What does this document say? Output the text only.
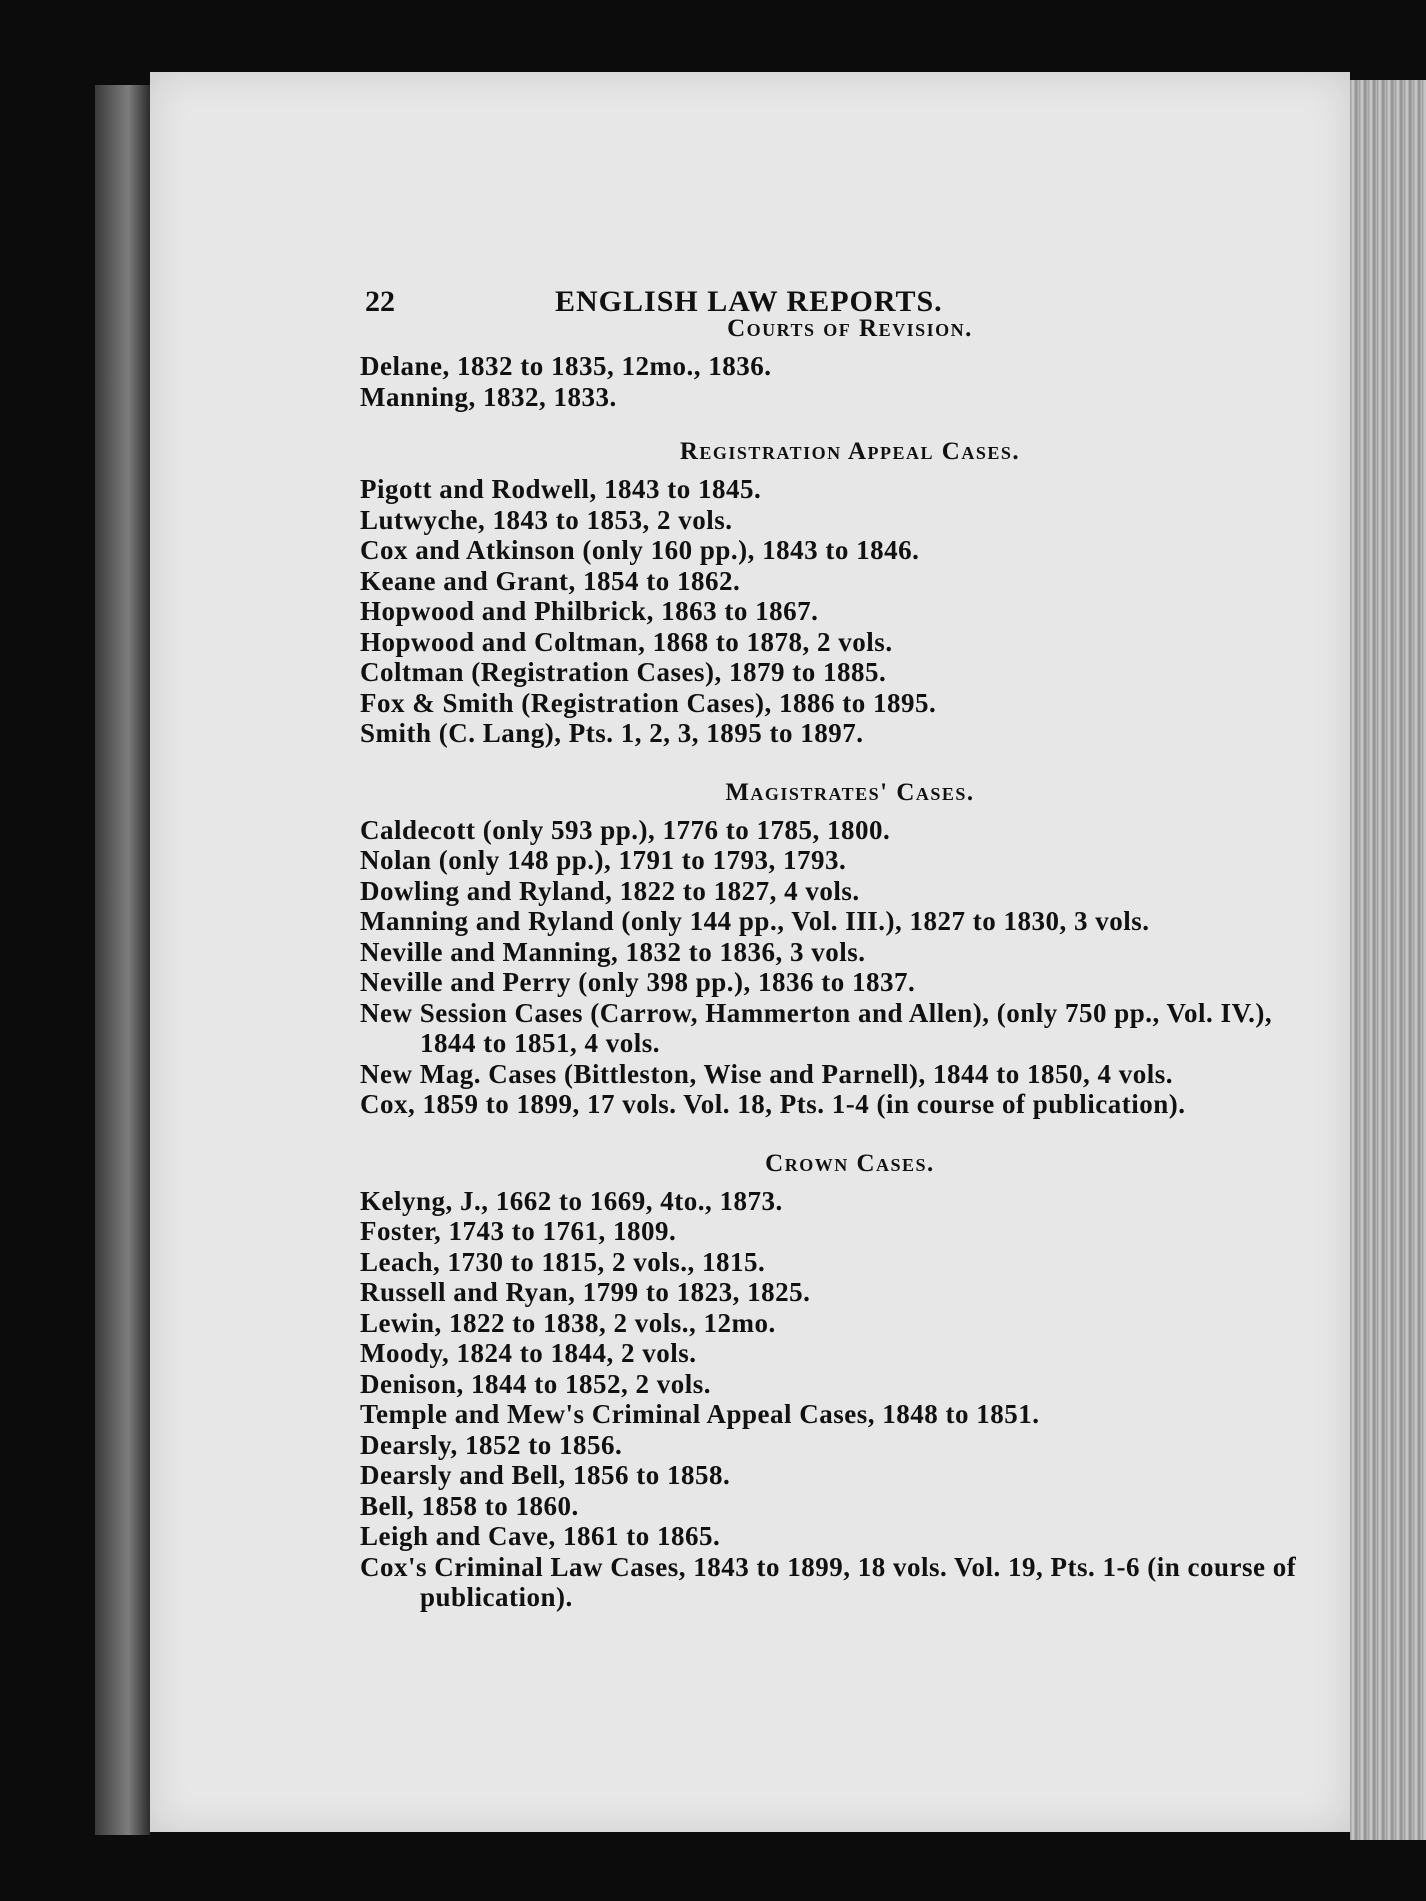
22	ENGLISH LAW REPORTS.
Courts of Revision.
Delane, 1832 to 1835, 12mo., 1836.
Manning, 1832, 1833.
Registration Appeal Cases.
Pigott and Rodwell, 1843 to 1845.
Lutwyche, 1843 to 1853, 2 vols.
Cox and Atkinson (only 160 pp.), 1843 to 1846.
Keane and Grant, 1854 to 1862.
Hopwood and Philbrick, 1863 to 1867.
Hopwood and Coltman, 1868 to 1878, 2 vols.
Coltman (Registration Cases), 1879 to 1885.
Fox & Smith (Registration Cases), 1886 to 1895.
Smith (C. Lang), Pts. 1, 2, 3, 1895 to 1897.
Magistrates' Cases.
Caldecott (only 593 pp.), 1776 to 1785, 1800.
Nolan (only 148 pp.), 1791 to 1793, 1793.
Dowling and Ryland, 1822 to 1827, 4 vols.
Manning and Ryland (only 144 pp., Vol. III.), 1827 to 1830, 3 vols.
Neville and Manning, 1832 to 1836, 3 vols.
Neville and Perry (only 398 pp.), 1836 to 1837.
New Session Cases (Carrow, Hammerton and Allen), (only 750 pp., Vol. IV.), 1844 to 1851, 4 vols.
New Mag. Cases (Bittleston, Wise and Parnell), 1844 to 1850, 4 vols.
Cox, 1859 to 1899, 17 vols. Vol. 18, Pts. 1-4 (in course of publication).
Crown Cases.
Kelyng, J., 1662 to 1669, 4to., 1873.
Foster, 1743 to 1761, 1809.
Leach, 1730 to 1815, 2 vols., 1815.
Russell and Ryan, 1799 to 1823, 1825.
Lewin, 1822 to 1838, 2 vols., 12mo.
Moody, 1824 to 1844, 2 vols.
Denison, 1844 to 1852, 2 vols.
Temple and Mew's Criminal Appeal Cases, 1848 to 1851.
Dearsly, 1852 to 1856.
Dearsly and Bell, 1856 to 1858.
Bell, 1858 to 1860.
Leigh and Cave, 1861 to 1865.
Cox's Criminal Law Cases, 1843 to 1899, 18 vols. Vol. 19, Pts. 1-6 (in course of publication).
